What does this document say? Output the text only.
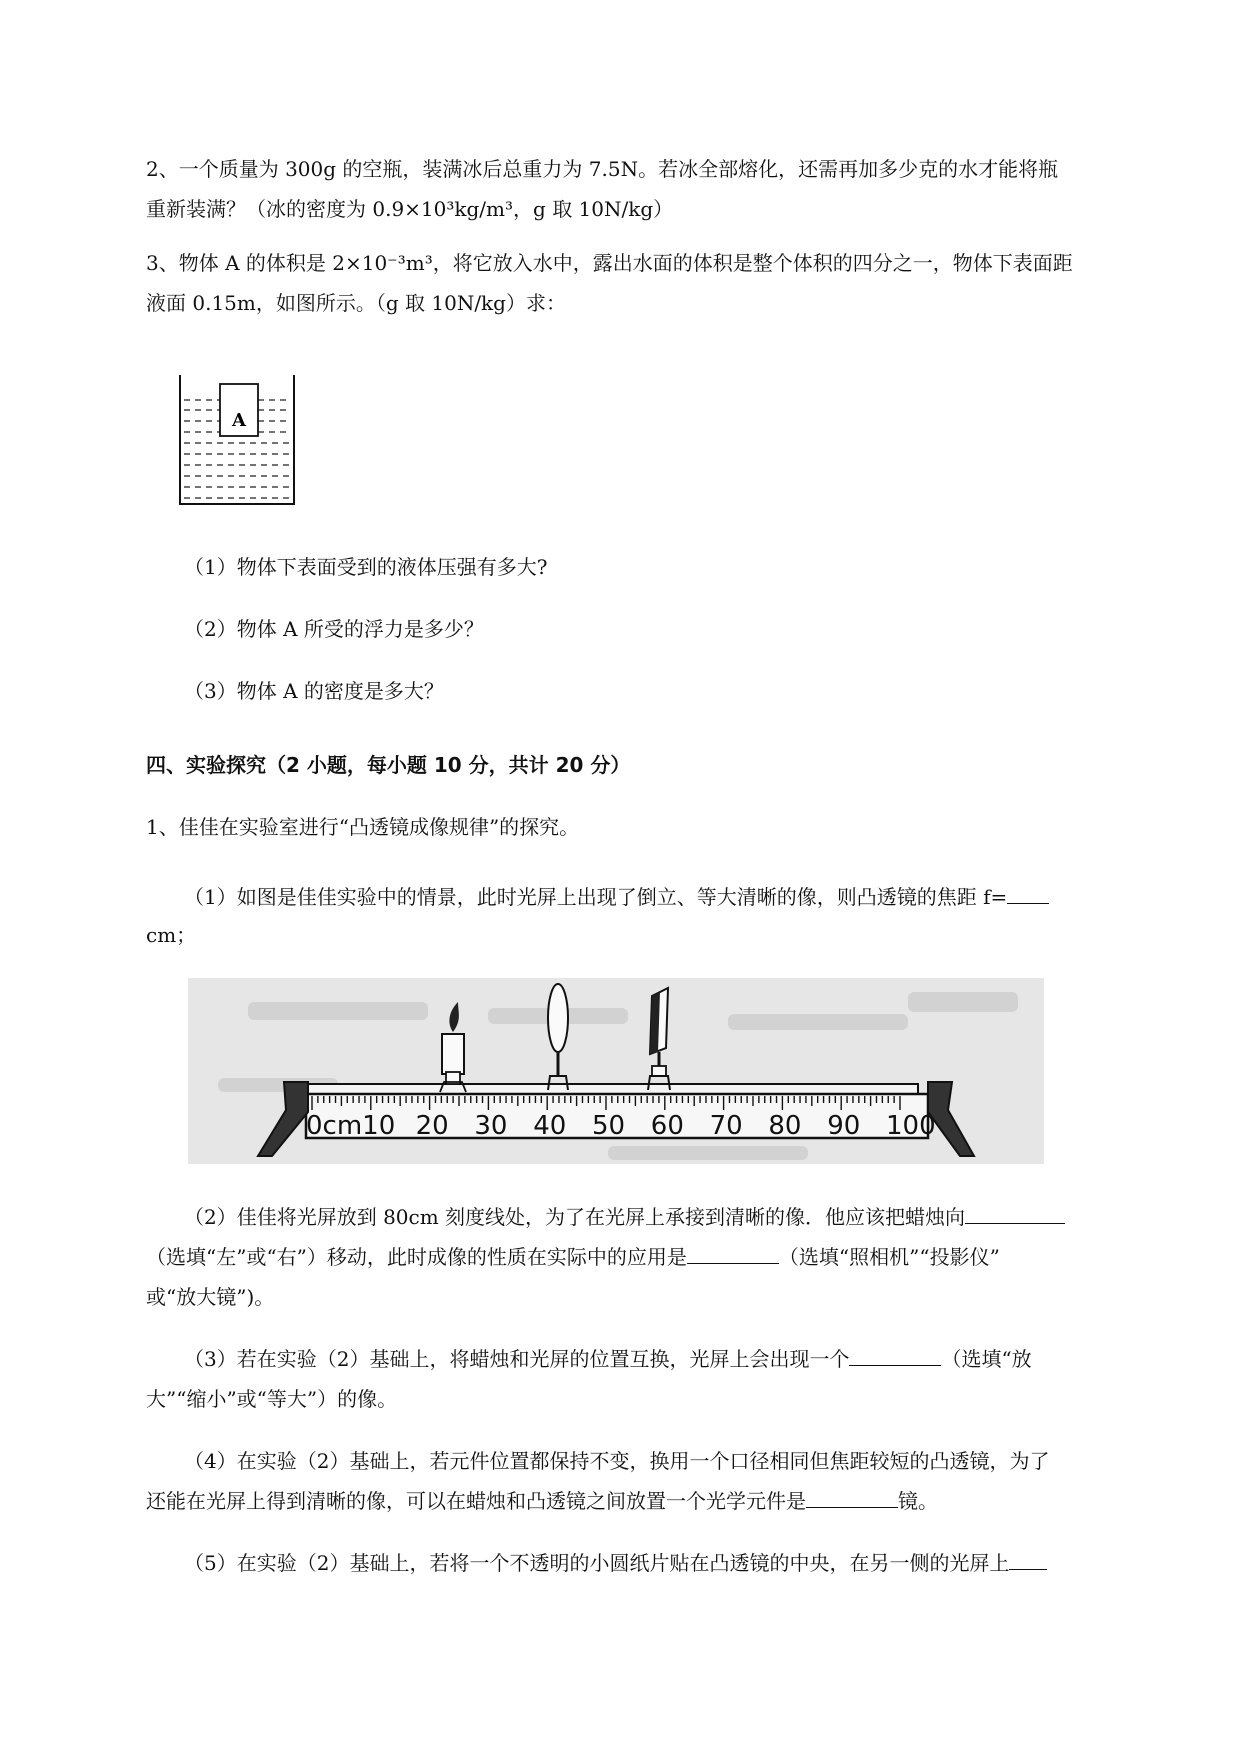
2、一个质量为 300g 的空瓶，装满冰后总重力为 7.5N。若冰全部熔化，还需再加多少克的水才能将瓶

重新装满？（冰的密度为 0.9×10³kg/m³，g 取 10N/kg）

3、物体 A 的体积是 2×10⁻³m³，将它放入水中，露出水面的体积是整个体积的四分之一，物体下表面距

液面 0.15m，如图所示。（g 取 10N/kg）求：

A

（1）物体下表面受到的液体压强有多大?

（2）物体 A 所受的浮力是多少？

（3）物体 A 的密度是多大？

四、实验探究（2 小题，每小题 10 分，共计 20 分）

1、佳佳在实验室进行“凸透镜成像规律”的探究。

（1）如图是佳佳实验中的情景，此时光屏上出现了倒立、等大清晰的像，则凸透镜的焦距 f=

cm；

0cm10 20 30 40 50 60 70 80 90 100

（2）佳佳将光屏放到 80cm 刻度线处，为了在光屏上承接到清晰的像．他应该把蜡烛向

（选填“左”或“右”）移动，此时成像的性质在实际中的应用是	（选填“照相机”“投影仪”

或“放大镜”)。

（3）若在实验（2）基础上，将蜡烛和光屏的位置互换，光屏上会出现一个	（选填“放

大”“缩小”或“等大”）的像。

（4）在实验（2）基础上，若元件位置都保持不变，换用一个口径相同但焦距较短的凸透镜，为了

还能在光屏上得到清晰的像，可以在蜡烛和凸透镜之间放置一个光学元件是	镜。

（5）在实验（2）基础上，若将一个不透明的小圆纸片贴在凸透镜的中央，在另一侧的光屏上
